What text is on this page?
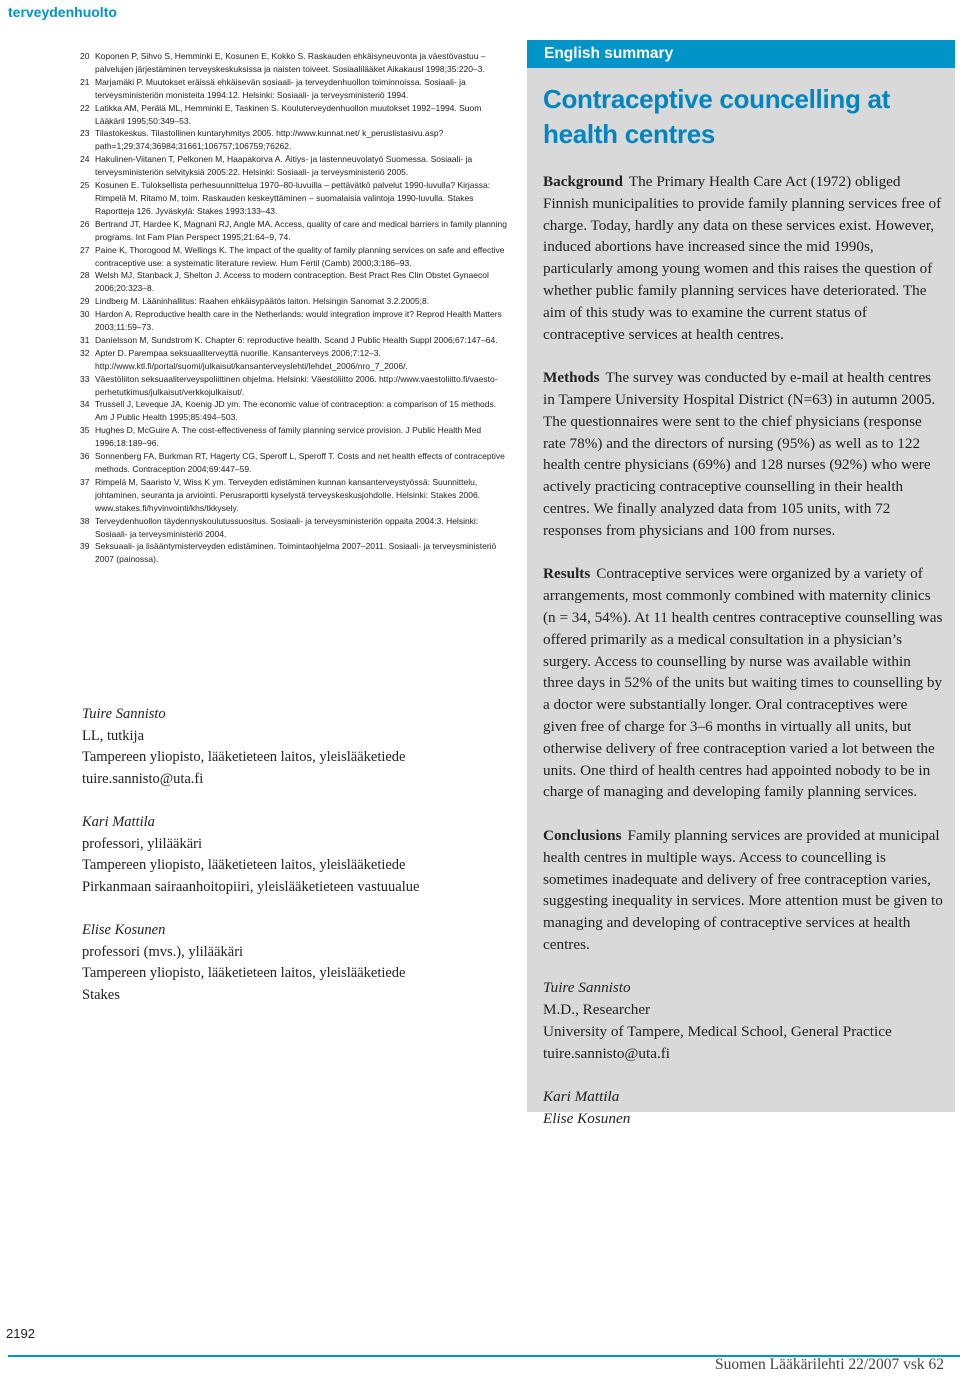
terveydenhuolto
20 Koponen P, Sihvo S, Hemminki E, Kosunen E, Kokko S. Raskauden ehkäisyneuvonta ja väestövastuu – palvelujen järjestäminen terveyskeskuksissa ja naisten toiveet. Sosiaalilääket Aikakausl 1998;35:220–3.
21 Marjamäki P. Muutokset eräissä ehkäisevän sosiaali- ja terveydenhuollon toiminnoissa. Sosiaali- ja terveysministeriön monisteita 1994:12. Helsinki: Sosiaali- ja terveysministeriö 1994.
22 Latikka AM, Perälä ML, Hemminki E, Taskinen S. Kouluterveydenhuollon muutokset 1992–1994. Suom Lääkäril 1995;50:349–53.
23 Tilastokeskus. Tilastollinen kuntaryhmitys 2005. http://www.kunnat.net/ k_peruslistasivu.asp?path=1;29;374;36984;31661;106757;106759;76262.
24 Hakulinen-Viitanen T, Pelkonen M, Haapakorva A. Äitiys- ja lastenneuvolatyö Suomessa. Sosiaali- ja terveysministeriön selvityksiä 2005:22. Helsinki: Sosiaali- ja terveysministeriö 2005.
25 Kosunen E. Tuloksellista perhesuunnittelua 1970–80-luvuilla – pettävätkö palvelut 1990-luvulla? Kirjassa: Rimpelä M, Ritamo M, toim. Raskauden keskeyttäminen – suomalaisia valintoja 1990-luvulla. Stakes Raportteja 126. Jyväskylä: Stakes 1993:133–43.
26 Bertrand JT, Hardee K, Magnani RJ, Angle MA. Access, quality of care and medical barriers in family planning programs. Int Fam Plan Perspect 1995;21:64–9, 74.
27 Paine K, Thorogood M, Wellings K. The impact of the quality of family planning services on safe and effective contraceptive use: a systematic literature review. Hum Fertil (Camb) 2000;3:186–93.
28 Welsh MJ, Stanback J, Shelton J. Access to modern contraception. Best Pract Res Clin Obstet Gynaecol 2006;20:323–8.
29 Lindberg M. Lääninhallitus: Raahen ehkäisypäätös laiton. Helsingin Sanomat 3.2.2005;8.
30 Hardon A. Reproductive health care in the Netherlands: would integration improve it? Reprod Health Matters 2003;11:59–73.
31 Danielsson M, Sundstrom K. Chapter 6: reproductive health. Scand J Public Health Suppl 2006;67:147–64.
32 Apter D. Parempaa seksuaaliterveyttä nuorille. Kansanterveys 2006;7:12–3. http://www.ktl.fi/portal/suomi/julkaisut/kansanterveyslehti/lehdet_2006/nro_7_2006/.
33 Väestöliiton seksuaaliterveyspoliittinen ohjelma. Helsinki: Väestöliitto 2006. http://www.vaestoliitto.fi/vaesto-perhetutkimus/julkaisut/verkkojulkaisut/.
34 Trussell J, Leveque JA, Koenig JD ym. The economic value of contraception: a comparison of 15 methods. Am J Public Health 1995;85:494–503.
35 Hughes D, McGuire A. The cost-effectiveness of family planning service provision. J Public Health Med 1996;18:189–96.
36 Sonnenberg FA, Burkman RT, Hagerty CG, Speroff L, Speroff T. Costs and net health effects of contraceptive methods. Contraception 2004;69:447–59.
37 Rimpelä M, Saaristo V, Wiss K ym. Terveyden edistäminen kunnan kansanterveystyössä: Suunnittelu, johtaminen, seuranta ja arviointi. Perusraportti kyselystä terveyskeskusjohdolle. Helsinki: Stakes 2006. www.stakes.fi/hyvinvointi/khs/tkkysely.
38 Terveydenhuollon täydennyskoulutussuositus. Sosiaali- ja terveysministeriön oppaita 2004:3. Helsinki: Sosiaali- ja terveysministeriö 2004.
39 Seksuaali- ja lisääntymisterveyden edistäminen. Toimintaohjelma 2007–2011. Sosiaali- ja terveysministeriö 2007 (painossa).
Tuire Sannisto
LL, tutkija
Tampereen yliopisto, lääketieteen laitos, yleislääketiede
tuire.sannisto@uta.fi
Kari Mattila
professori, ylilääkäri
Tampereen yliopisto, lääketieteen laitos, yleislääketiede
Pirkanmaan sairaanhoitopiiri, yleislääketieteen vastuualue
Elise Kosunen
professori (mvs.), ylilääkäri
Tampereen yliopisto, lääketieteen laitos, yleislääketiede
Stakes
English summary
Contraceptive councelling at health centres

Background The Primary Health Care Act (1972) obliged Finnish municipalities to provide family planning services free of charge. Today, hardly any data on these services exist. However, induced abortions have increased since the mid 1990s, particularly among young women and this raises the question of whether public family planning services have deteriorated. The aim of this study was to examine the current status of contraceptive services at health centres.

Methods The survey was conducted by e-mail at health centres in Tampere University Hospital District (N=63) in autumn 2005. The questionnaires were sent to the chief physicians (response rate 78%) and the directors of nursing (95%) as well as to 122 health centre physicians (69%) and 128 nurses (92%) who were actively practicing contraceptive counselling in their health centres. We finally analyzed data from 105 units, with 72 responses from physicians and 100 from nurses.

Results Contraceptive services were organized by a variety of arrangements, most commonly combined with maternity clinics (n = 34, 54%). At 11 health centres contraceptive counselling was offered primarily as a medical consultation in a physician’s surgery. Access to counselling by nurse was available within three days in 52% of the units but waiting times to counselling by a doctor were substantially longer. Oral contraceptives were given free of charge for 3–6 months in virtually all units, but otherwise delivery of free contraception varied a lot between the units. One third of health centres had appointed nobody to be in charge of managing and developing family planning services.

Conclusions Family planning services are provided at municipal health centres in multiple ways. Access to councelling is sometimes inadequate and delivery of free contraception varies, suggesting inequality in services. More attention must be given to managing and developing of contraceptive services at health centres.

Tuire Sannisto
M.D., Researcher
University of Tampere, Medical School, General Practice
tuire.sannisto@uta.fi
Kari Mattila
Elise Kosunen
2192
Suomen Lääkärilehti 22/2007 vsk 62
